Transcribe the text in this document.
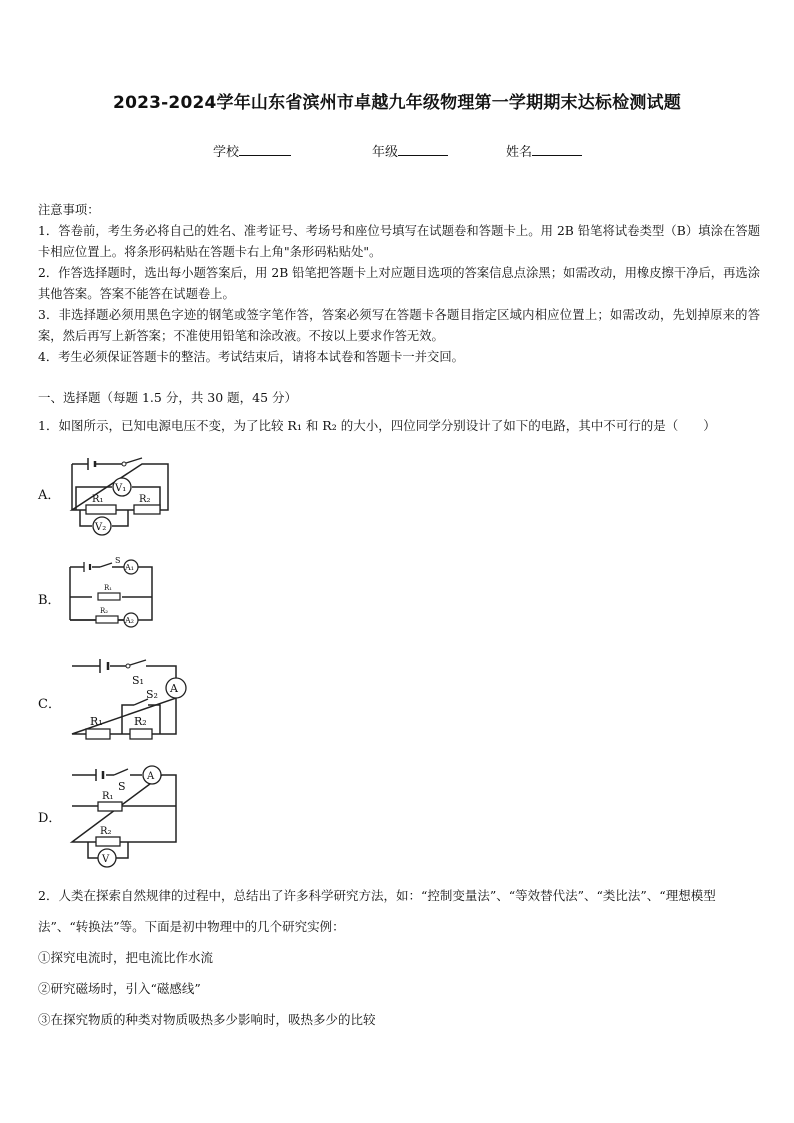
2023-2024学年山东省滨州市卓越九年级物理第一学期期末达标检测试题
学校	年级	姓名

注意事项：

1．答卷前，考生务必将自己的姓名、准考证号、考场号和座位号填写在试题卷和答题卡上。用 2B 铅笔将试卷类型（B）填涂在答题卡相应位置上。将条形码粘贴在答题卡右上角"条形码粘贴处"。

2．作答选择题时，选出每小题答案后，用 2B 铅笔把答题卡上对应题目选项的答案信息点涂黑；如需改动，用橡皮擦干净后，再选涂其他答案。答案不能答在试题卷上。

3．非选择题必须用黑色字迹的钢笔或签字笔作答，答案必须写在答题卡各题目指定区域内相应位置上；如需改动，先划掉原来的答案，然后再写上新答案；不准使用铅笔和涂改液。不按以上要求作答无效。

4．考生必须保证答题卡的整洁。考试结束后，请将本试卷和答题卡一并交回。

一、选择题（每题 1.5 分，共 30 题，45 分）
1．如图所示，已知电源电压不变，为了比较 R₁ 和 R₂ 的大小，四位同学分别设计了如下的电路，其中不可行的是（　　）
A．	V₁
R₁	R₂
V₂
B．
S
A₁
R₁
R₂
A₂
C．
S₁
A
S₂
R₁	R₂
D．
S
A
R₁
R₂
V

2．人类在探索自然规律的过程中，总结出了许多科学研究方法，如：“控制变量法”、“等效替代法”、“类比法”、“理想模型法”、“转换法”等。下面是初中物理中的几个研究实例：

①探究电流时，把电流比作水流

②研究磁场时，引入“磁感线”

③在探究物质的种类对物质吸热多少影响时，吸热多少的比较
